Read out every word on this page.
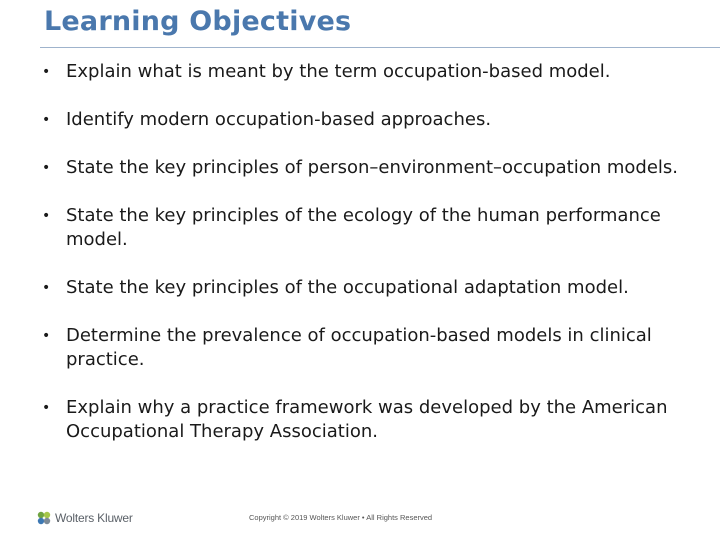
Learning Objectives
• Explain what is meant by the term occupation-based model.
• Identify modern occupation-based approaches.
• State the key principles of person–environment–occupation models.
• State the key principles of the ecology of the human performance model.
• State the key principles of the occupational adaptation model.
• Determine the prevalence of occupation-based models in clinical practice.
• Explain why a practice framework was developed by the American Occupational Therapy Association.
Wolters Kluwer	Copyright © 2019 Wolters Kluwer • All Rights Reserved
